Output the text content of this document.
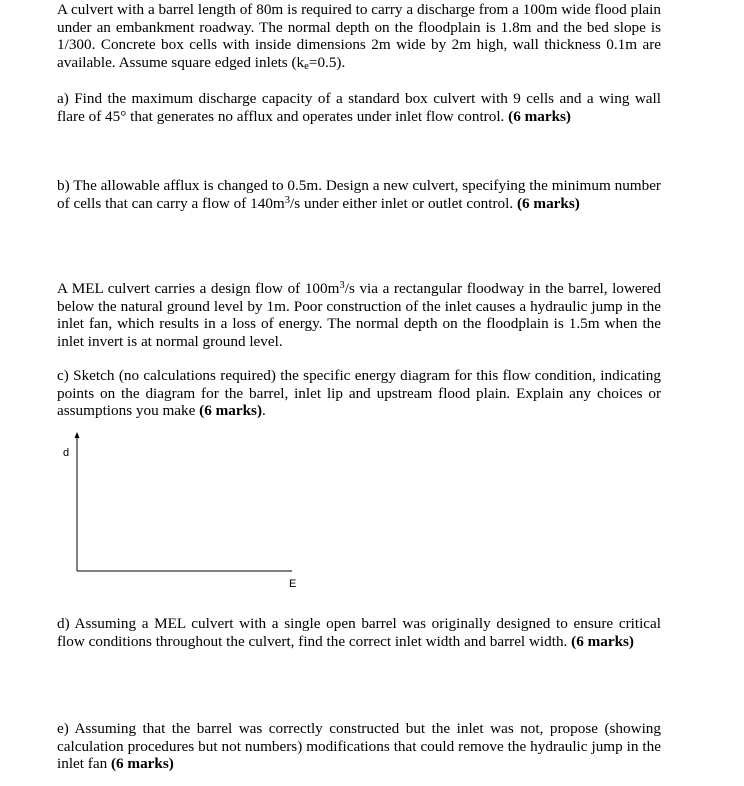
A culvert with a barrel length of 80m is required to carry a discharge from a 100m wide flood plain under an embankment roadway. The normal depth on the floodplain is 1.8m and the bed slope is 1/300. Concrete box cells with inside dimensions 2m wide by 2m high, wall thickness 0.1m are available. Assume square edged inlets (ke=0.5).

a) Find the maximum discharge capacity of a standard box culvert with 9 cells and a wing wall flare of 45° that generates no afflux and operates under inlet flow control. (6 marks)

b) The allowable afflux is changed to 0.5m. Design a new culvert, specifying the minimum number of cells that can carry a flow of $140m^3/s$ under either inlet or outlet control. (6 marks)

A MEL culvert carries a design flow of $100m^3/s$ via a rectangular floodway in the barrel, lowered below the natural ground level by 1m. Poor construction of the inlet causes a hydraulic jump in the inlet fan, which results in a loss of energy. The normal depth on the floodplain is 1.5m when the inlet invert is at normal ground level.

c) Sketch (no calculations required) the specific energy diagram for this flow condition, indicating points on the diagram for the barrel, inlet lip and upstream flood plain. Explain any choices or assumptions you make (6 marks).

d
E

d) Assuming a MEL culvert with a single open barrel was originally designed to ensure critical flow conditions throughout the culvert, find the correct inlet width and barrel width. (6 marks)

e) Assuming that the barrel was correctly constructed but the inlet was not, propose (showing calculation procedures but not numbers) modifications that could remove the hydraulic jump in the inlet fan (6 marks)
